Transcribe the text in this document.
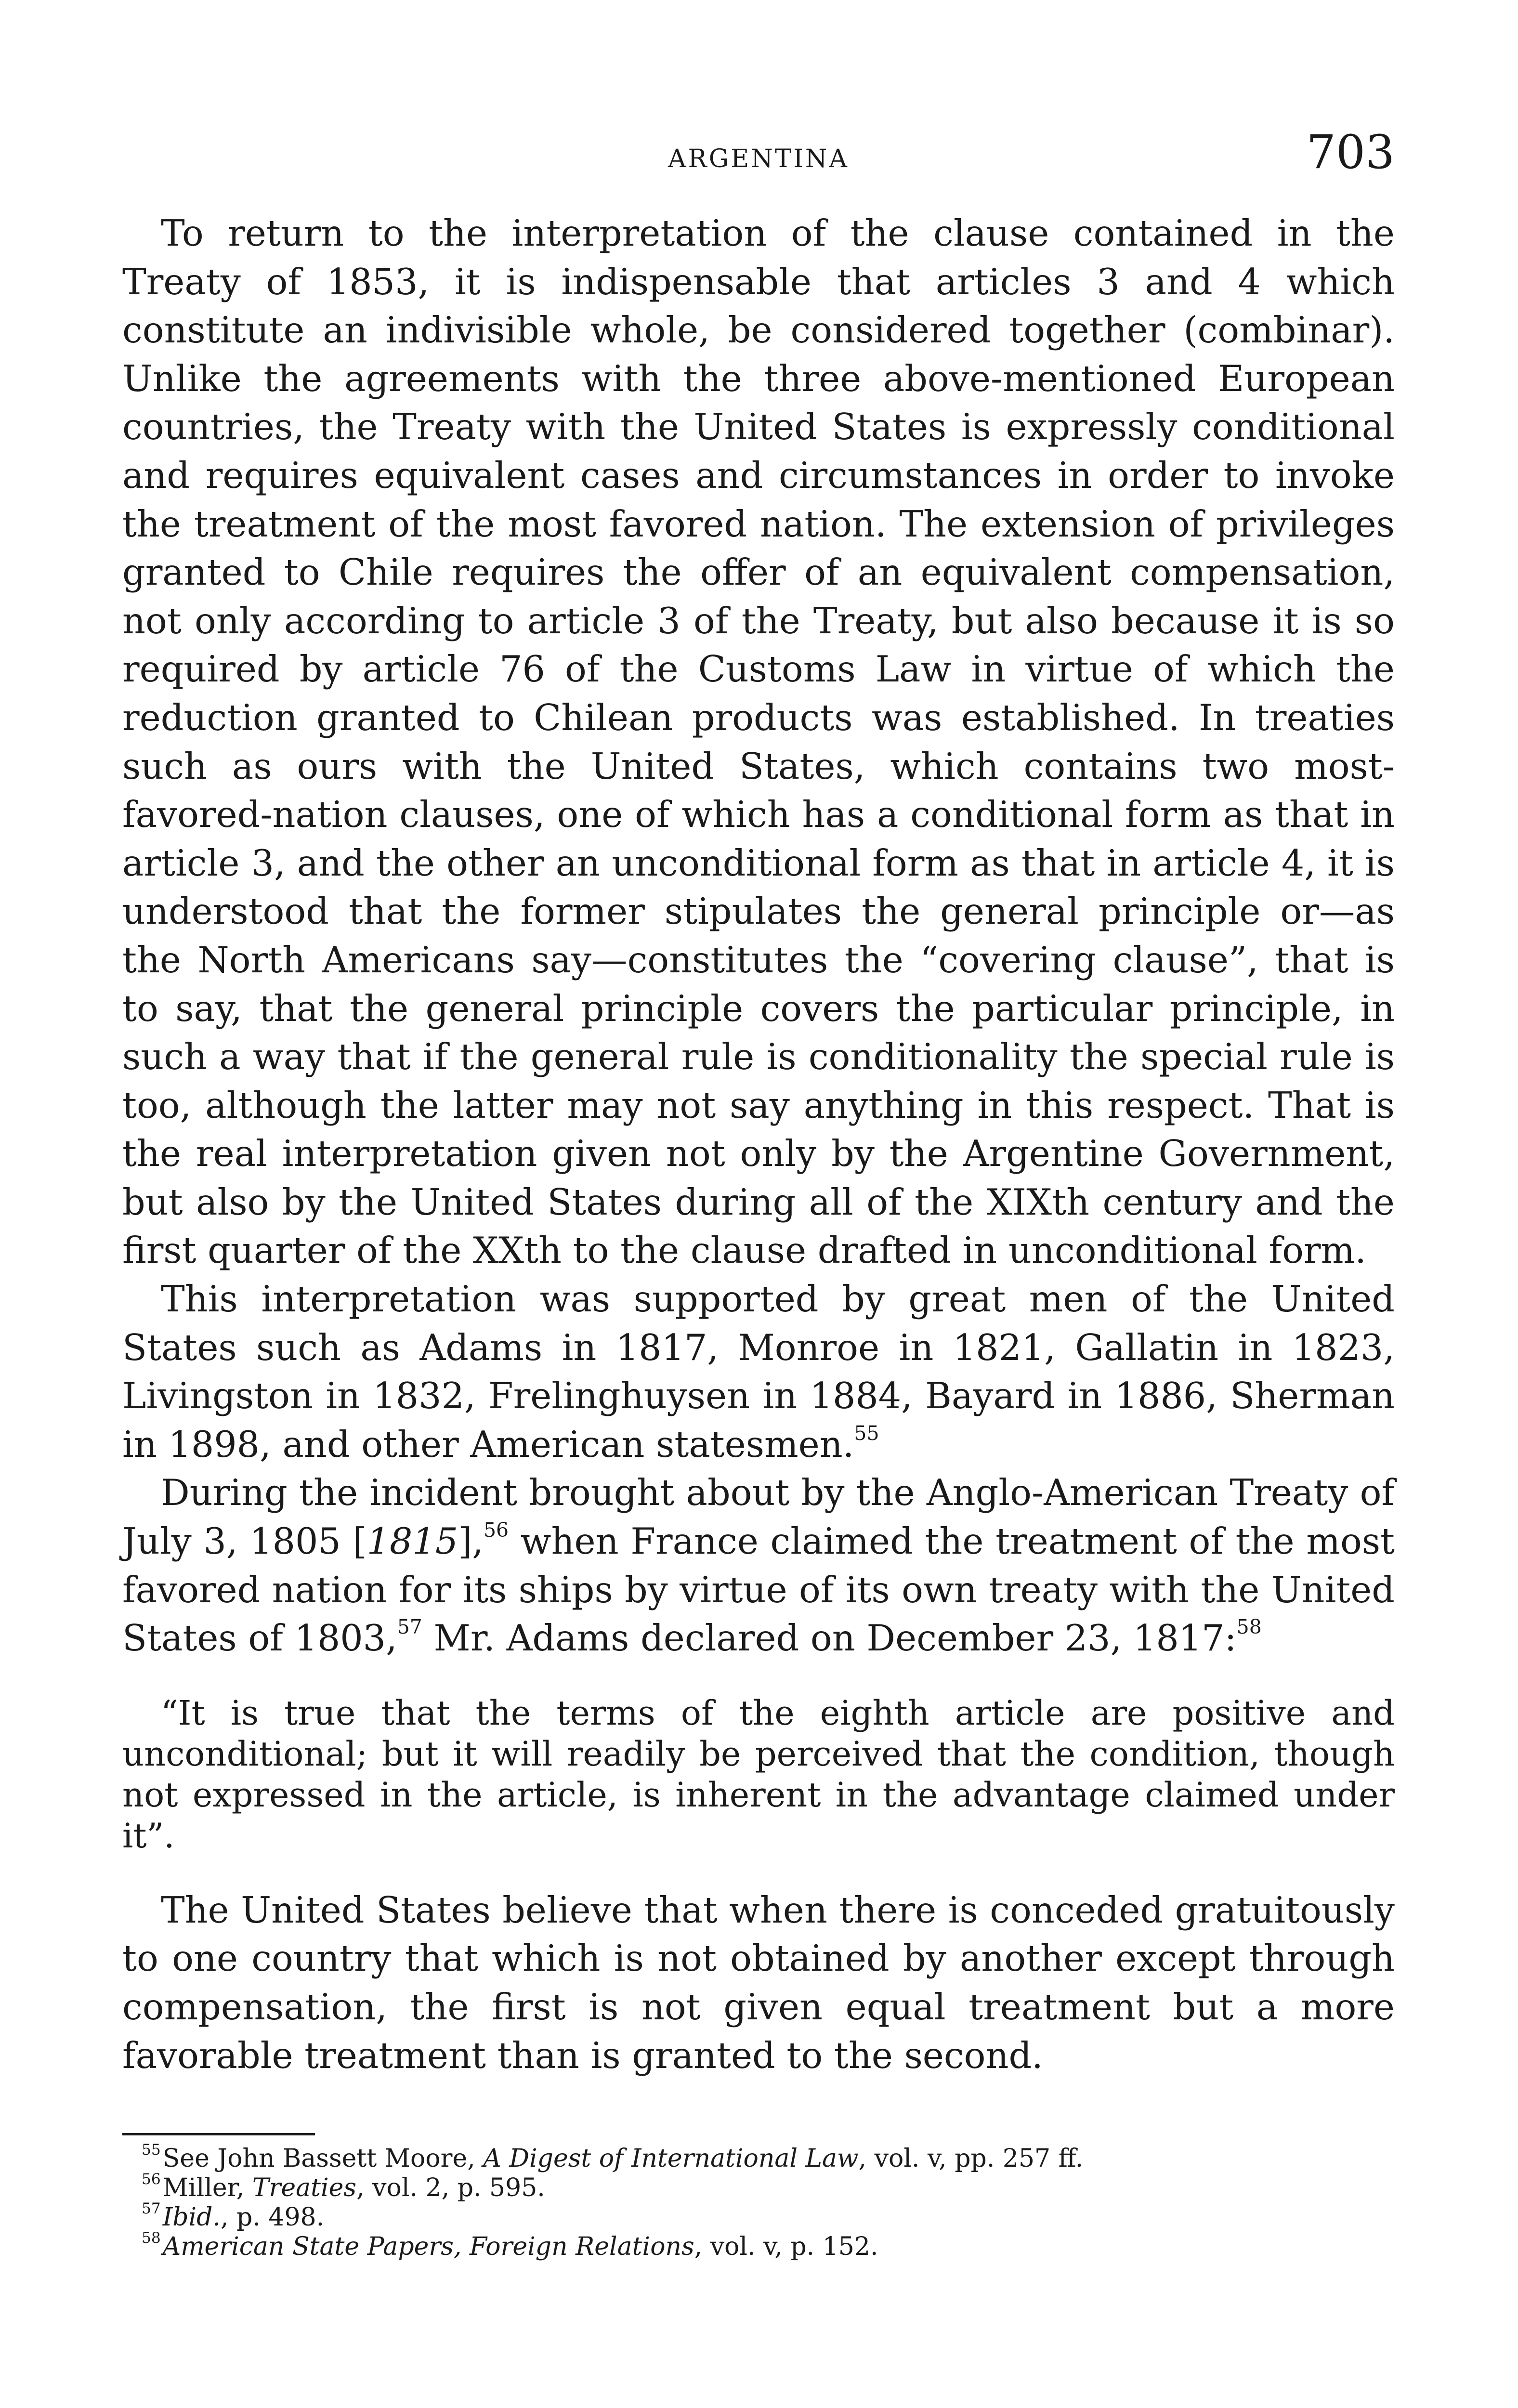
ARGENTINA	703

To return to the interpretation of the clause contained in the Treaty of 1853, it is indispensable that articles 3 and 4 which constitute an indivisible whole, be considered together (combinar). Unlike the agreements with the three above-mentioned European countries, the Treaty with the United States is expressly conditional and requires equivalent cases and circumstances in order to invoke the treatment of the most favored nation. The extension of privileges granted to Chile requires the offer of an equivalent compensation, not only according to article 3 of the Treaty, but also because it is so required by article 76 of the Customs Law in virtue of which the reduction granted to Chilean products was established. In treaties such as ours with the United States, which contains two most-favored-nation clauses, one of which has a conditional form as that in article 3, and the other an unconditional form as that in article 4, it is understood that the former stipulates the general principle or—as the North Americans say—constitutes the “covering clause”, that is to say, that the general principle covers the particular principle, in such a way that if the general rule is conditionality the special rule is too, although the latter may not say anything in this respect. That is the real interpretation given not only by the Argentine Government, but also by the United States during all of the XIXth century and the first quarter of the XXth to the clause drafted in unconditional form.

This interpretation was supported by great men of the United States such as Adams in 1817, Monroe in 1821, Gallatin in 1823, Livingston in 1832, Frelinghuysen in 1884, Bayard in 1886, Sherman in 1898, and other American statesmen.$^{55}$

During the incident brought about by the Anglo-American Treaty of July 3, 1805 [1815],$^{56}$ when France claimed the treatment of the most favored nation for its ships by virtue of its own treaty with the United States of 1803,57 Mr. Adams declared on December 23, 1817:$^{58}$

“It is true that the terms of the eighth article are positive and unconditional; but it will readily be perceived that the condition, though not expressed in the article, is inherent in the advantage claimed under it”.

The United States believe that when there is conceded gratuitously to one country that which is not obtained by another except through compensation, the first is not given equal treatment but a more favorable treatment than is granted to the second.

$^{55}$See John Bassett Moore, A Digest of International Law, vol. v, pp. 257 ff.
$^{56}$Miller, Treaties, vol. 2, p. 595.
$^{57}$Ibid., p. 498.
$^{58}$American State Papers, Foreign Relations, vol. v, p. 152.
